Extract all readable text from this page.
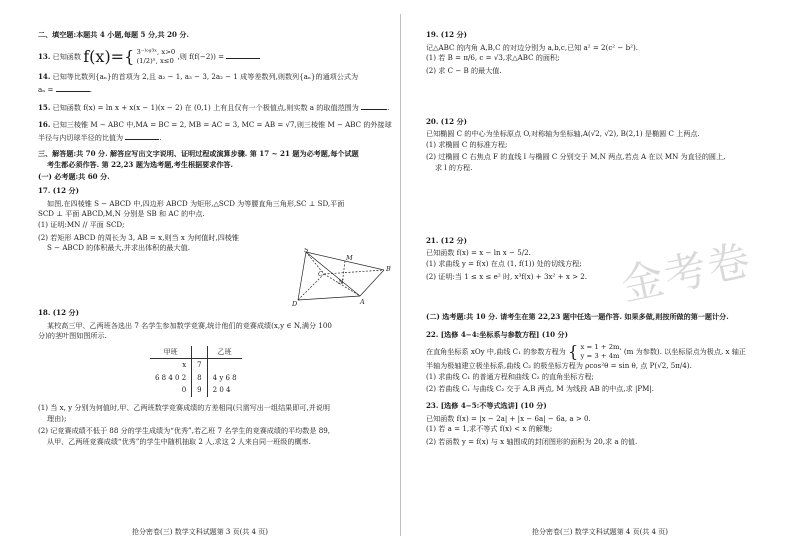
二、填空题:本题共 4 小题,每题 5 分,共 20 分.

13. 已知函数 f(x)={ 3⁻ˡᵒᵍ³ˣ, x>0
(1/2)ˣ, x≤0 ,则 f(f(−2)) =

14. 已知等比数列{aₙ}的首项为 2,且 a₂ − 1, a₃ − 3, 2a₂ − 1 成等差数列,则数列{aₙ}的通项公式为

aₙ =	.

15. 已知函数 f(x) = ln x + x(x − 1)(x − 2) 在 (0,1) 上有且仅有一个极值点,则实数 a 的取值范围为	.

16. 已知三棱锥 M − ABC 中,MA = BC = 2, MB = AC = 3, MC = AB = √7,则三棱锥 M − ABC 的外接球

半径与内切球半径的比值为	.

三、解答题:共 70 分. 解答应写出文字说明、证明过程或演算步骤. 第 17 ~ 21 题为必考题,每个试题

考生都必须作答. 第 22,23 题为选考题,考生根据要求作答.

(一) 必考题:共 60 分.

17. (12 分)

如图,在四棱锥 S − ABCD 中,四边形 ABCD 为矩形,△SCD 为等腰直角三角形,SC ⊥ SD,平面

SCD ⊥ 平面 ABCD,M,N 分别是 SB 和 AC 的中点.

(1) 证明:MN // 平面 SCD;

(2) 若矩形 ABCD 的周长为 3, AB = x,则当 x 为何值时,四棱锥

S − ABCD 的体积最大,并求出体积的最大值.

18. (12 分)

某校高三甲、乙两班各选出 7 名学生参加数学竞赛,统计他们的竞赛成绩(x,y ∈ N,满分 100

分)的茎叶图如图所示.

甲班		乙班
x	7	
6 8 4 0 2	8	4 y 6 8
0	9	2 0 4

(1) 当 x, y 分别为何值时,甲、乙两班数学竞赛成绩的方差相同(只需写出一组结果即可,并说明

理由);

(2) 记竞赛成绩不低于 88 分的学生成绩为“优秀”,若乙班 7 名学生的竞赛成绩的平均数是 89,

从甲、乙两班竞赛成绩“优秀”的学生中随机抽取 2 人,求这 2 人来自同一班级的概率.

S
M
C
N
B
D	A

19. (12 分)

记△ABC 的内角 A,B,C 的对边分别为 a,b,c,已知 a² = 2(c² − b²).

(1) 若 B = π/6, c = √3,求△ABC 的面积;

(2) 求 C − B 的最大值.

20. (12 分)

已知椭圆 C 的中心为坐标原点 O,对称轴为坐标轴,A(√2, √2), B(2,1) 是椭圆 C 上两点.

(1) 求椭圆 C 的标准方程;

(2) 过椭圆 C 右焦点 F 的直线 l 与椭圆 C 分别交于 M,N 两点,若点 A 在以 MN 为直径的圆上,

求 l 的方程.

21. (12 分)

已知函数 f(x) = x − ln x − 5/2.

(1) 求曲线 y = f(x) 在点 (1, f(1)) 处的切线方程;

(2) 证明:当 1 ≤ x ≤ e² 时, x³f(x) + 3x² + x > 2.

(二) 选考题:共 10 分. 请考生在第 22,23 题中任选一题作答. 如果多做,则按所做的第一题计分.

22. [选修 4−4:坐标系与参数方程] (10 分)

在直角坐标系 xOy 中,曲线 C₁ 的参数方程为 { x = 1 + 2m,
y = 3 + 4m (m 为参数). 以坐标原点为极点, x 轴正

半轴为极轴建立极坐标系,曲线 C₂ 的极坐标方程为 ρcos²θ = sin θ, 点 P(√2, 5π/4).

(1) 求曲线 C₁ 的普通方程和曲线 C₂ 的直角坐标方程;

(2) 若曲线 C₁ 与曲线 C₂ 交于 A,B 两点, M 为线段 AB 的中点,求 |PM|.

23. [选修 4−5:不等式选讲] (10 分)

已知函数 f(x) = |x − 2a| + |x − 6a| − 6a, a > 0.

(1) 若 a = 1,求不等式 f(x) < x 的解集;

(2) 若函数 y = f(x) 与 x 轴围成的封闭图形的面积为 20,求 a 的值.

金考卷
抢分密卷(三) 数学文科试题第 3 页(共 4 页)	抢分密卷(三) 数学文科试题第 4 页(共 4 页)
